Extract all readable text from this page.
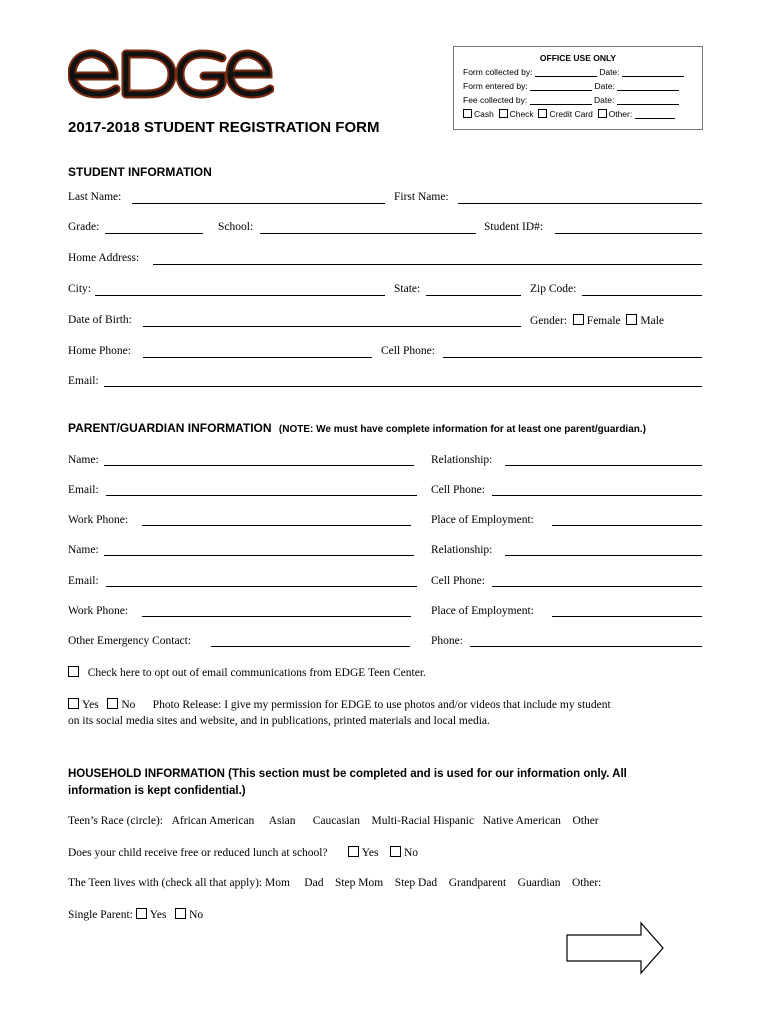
OFFICE USE ONLY
Form collected by:	Date:
Form entered by:	Date:
Fee collected by:	Date:
Cash Check Credit Card Other:
2017-2018 STUDENT REGISTRATION FORM
STUDENT INFORMATION
Last Name:	First Name:
Grade:	School:	Student ID#:
Home Address:
City:	State:	Zip Code:
Date of Birth:	Gender: Female Male
Home Phone:	Cell Phone:
Email:
PARENT/GUARDIAN INFORMATION (NOTE: We must have complete information for at least one parent/guardian.)
Name:	Relationship:
Email:	Cell Phone:
Work Phone:	Place of Employment:
Name:	Relationship:
Email:	Cell Phone:
Work Phone:	Place of Employment:
Other Emergency Contact:	Phone:
Check here to opt out of email communications from EDGE Teen Center.
Yes No Photo Release: I give my permission for EDGE to use photos and/or videos that include my student
on its social media sites and website, and in publications, printed materials and local media.
HOUSEHOLD INFORMATION (This section must be completed and is used for our information only. All
information is kept confidential.)
Teen’s Race (circle): African American Asian Caucasian Multi-Racial Hispanic Native American Other
Does your child receive free or reduced lunch at school?	Yes No
The Teen lives with (check all that apply): Mom Dad Step Mom Step Dad Grandparent Guardian Other:
Single Parent: Yes No
